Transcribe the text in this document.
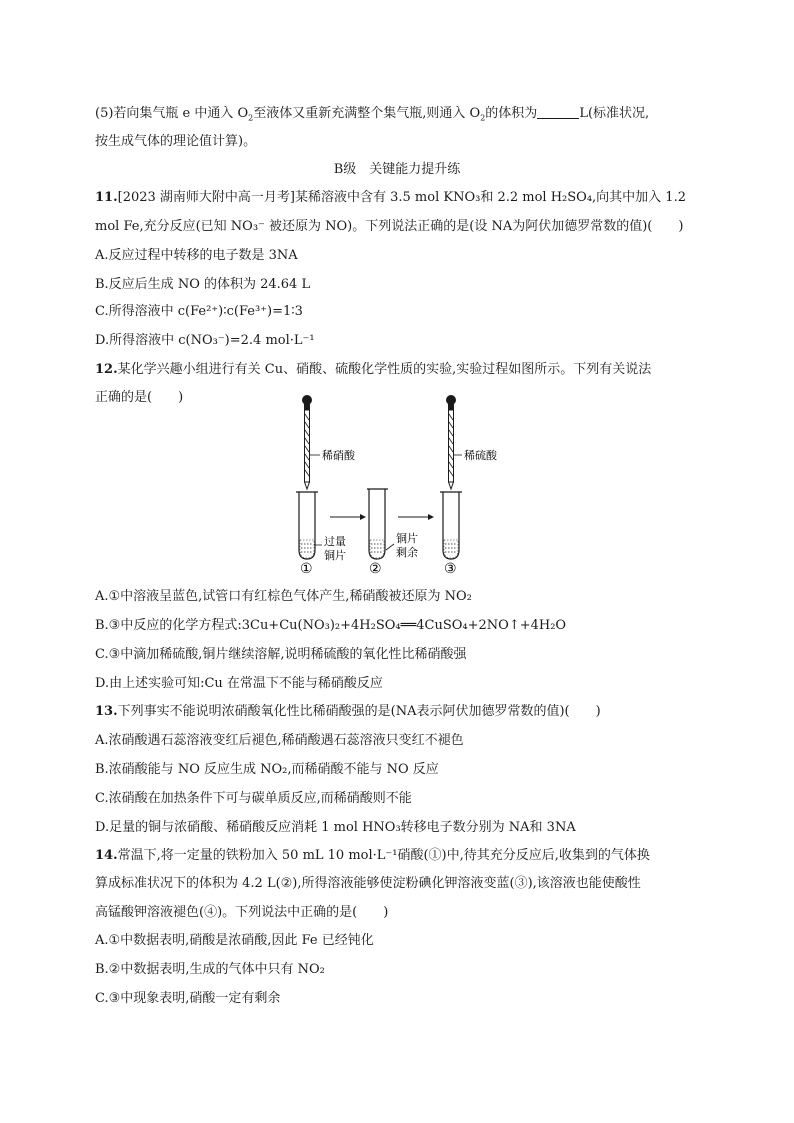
(5)若向集气瓶 e 中通入 $O_2$至液体又重新充满整个集气瓶,则通入 $O_2$的体积为	L(标准状况,
按生成气体的理论值计算)。
B级　关键能力提升练
11.[2023 湖南师大附中高一月考]某稀溶液中含有 3.5 mol KNO₃和 2.2 mol H₂SO₄,向其中加入 1.2
mol Fe,充分反应(已知 NO₃⁻ 被还原为 NO)。下列说法正确的是(设 NA为阿伏加德罗常数的值)(　　)
A.反应过程中转移的电子数是 3NA
B.反应后生成 NO 的体积为 24.64 L
C.所得溶液中 c(Fe²⁺)∶c(Fe³⁺)=1∶3
D.所得溶液中 c(NO₃⁻)=2.4 mol·L⁻¹
12.某化学兴趣小组进行有关 Cu、硝酸、硫酸化学性质的实验,实验过程如图所示。下列有关说法
正确的是(　　)
稀硝酸
过量
铜片
①	②
铜片
剩余
稀硫酸
③
A.①中溶液呈蓝色,试管口有红棕色气体产生,稀硝酸被还原为 NO₂
B.③中反应的化学方程式:3Cu+Cu(NO₃)₂+4H₂SO₄══4CuSO₄+2NO↑+4H₂O
C.③中滴加稀硫酸,铜片继续溶解,说明稀硫酸的氧化性比稀硝酸强
D.由上述实验可知:Cu 在常温下不能与稀硝酸反应
13.下列事实不能说明浓硝酸氧化性比稀硝酸强的是(NA表示阿伏加德罗常数的值)(　　)
A.浓硝酸遇石蕊溶液变红后褪色,稀硝酸遇石蕊溶液只变红不褪色
B.浓硝酸能与 NO 反应生成 NO₂,而稀硝酸不能与 NO 反应
C.浓硝酸在加热条件下可与碳单质反应,而稀硝酸则不能
D.足量的铜与浓硝酸、稀硝酸反应消耗 1 mol HNO₃转移电子数分别为 NA和 3NA
14.常温下,将一定量的铁粉加入 50 mL 10 mol·L⁻¹硝酸(①)中,待其充分反应后,收集到的气体换
算成标准状况下的体积为 4.2 L(②),所得溶液能够使淀粉碘化钾溶液变蓝(③),该溶液也能使酸性
高锰酸钾溶液褪色(④)。下列说法中正确的是(　　)
A.①中数据表明,硝酸是浓硝酸,因此 Fe 已经钝化
B.②中数据表明,生成的气体中只有 NO₂
C.③中现象表明,硝酸一定有剩余
